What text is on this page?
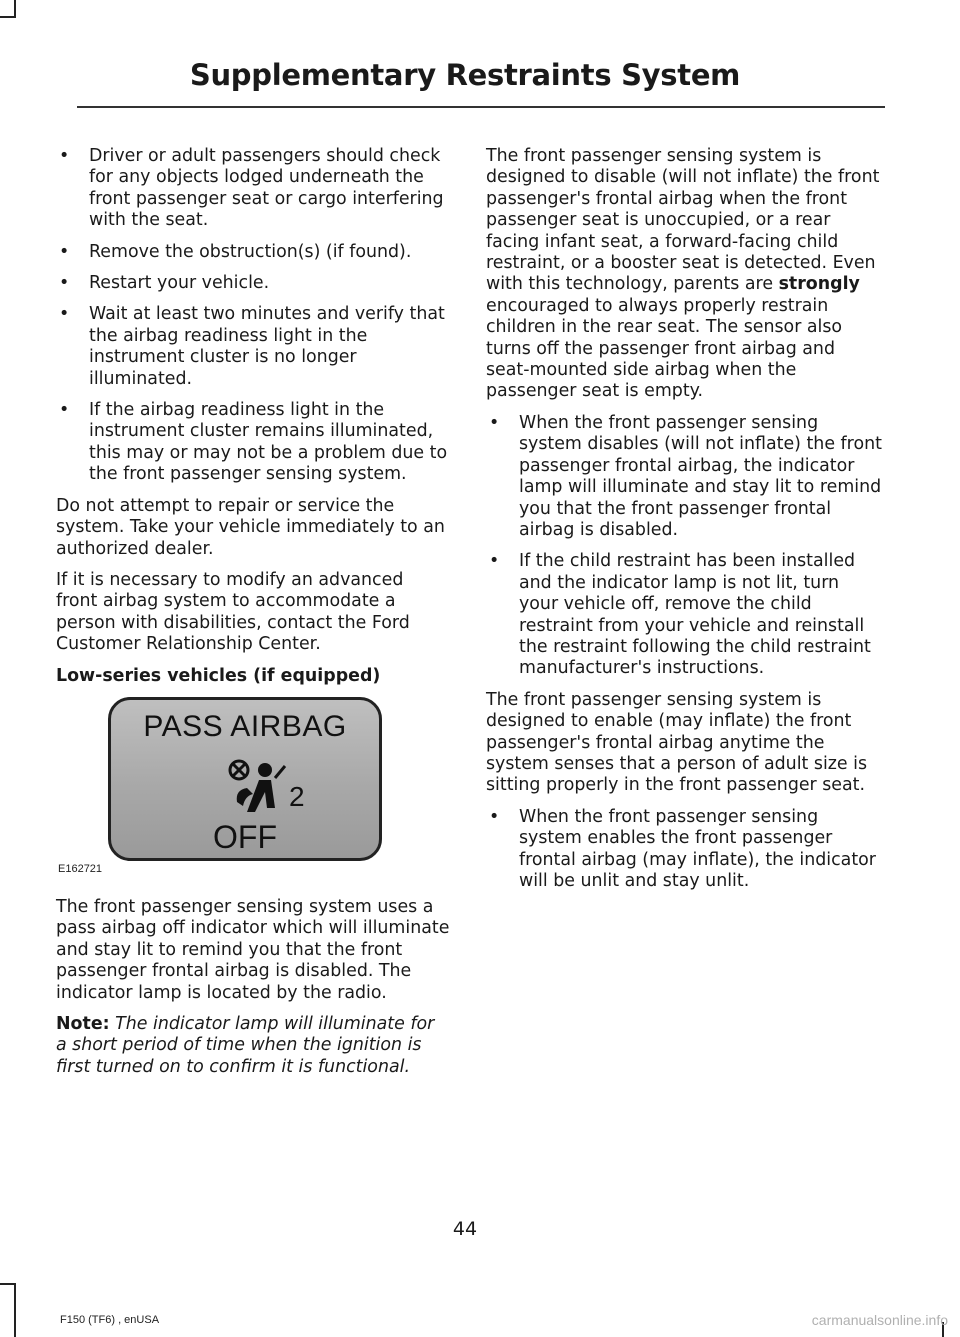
Supplementary Restraints System
• Driver or adult passengers should check for any objects lodged underneath the front passenger seat or cargo interfering with the seat.
• Remove the obstruction(s) (if found).
• Restart your vehicle.
• Wait at least two minutes and verify that the airbag readiness light in the instrument cluster is no longer illuminated.
• If the airbag readiness light in the instrument cluster remains illuminated, this may or may not be a problem due to the front passenger sensing system.

Do not attempt to repair or service the system. Take your vehicle immediately to an authorized dealer.

If it is necessary to modify an advanced front airbag system to accommodate a person with disabilities, contact the Ford Customer Relationship Center.

Low-series vehicles (if equipped)
PASS AIRBAG
2
OFF
E162721

The front passenger sensing system uses a pass airbag off indicator which will illuminate and stay lit to remind you that the front passenger frontal airbag is disabled. The indicator lamp is located by the radio.

Note: The indicator lamp will illuminate for a short period of time when the ignition is first turned on to confirm it is functional.

The front passenger sensing system is designed to disable (will not inflate) the front passenger's frontal airbag when the front passenger seat is unoccupied, or a rear facing infant seat, a forward-facing child restraint, or a booster seat is detected. Even with this technology, parents are strongly encouraged to always properly restrain children in the rear seat. The sensor also turns off the passenger front airbag and seat-mounted side airbag when the passenger seat is empty.

• When the front passenger sensing system disables (will not inflate) the front passenger frontal airbag, the indicator lamp will illuminate and stay lit to remind you that the front passenger frontal airbag is disabled.
• If the child restraint has been installed and the indicator lamp is not lit, turn your vehicle off, remove the child restraint from your vehicle and reinstall the restraint following the child restraint manufacturer's instructions.

The front passenger sensing system is designed to enable (may inflate) the front passenger's frontal airbag anytime the system senses that a person of adult size is sitting properly in the front passenger seat.

• When the front passenger sensing system enables the front passenger frontal airbag (may inflate), the indicator will be unlit and stay unlit.
44
F150 (TF6) , enUSA	carmanualsonline.info
